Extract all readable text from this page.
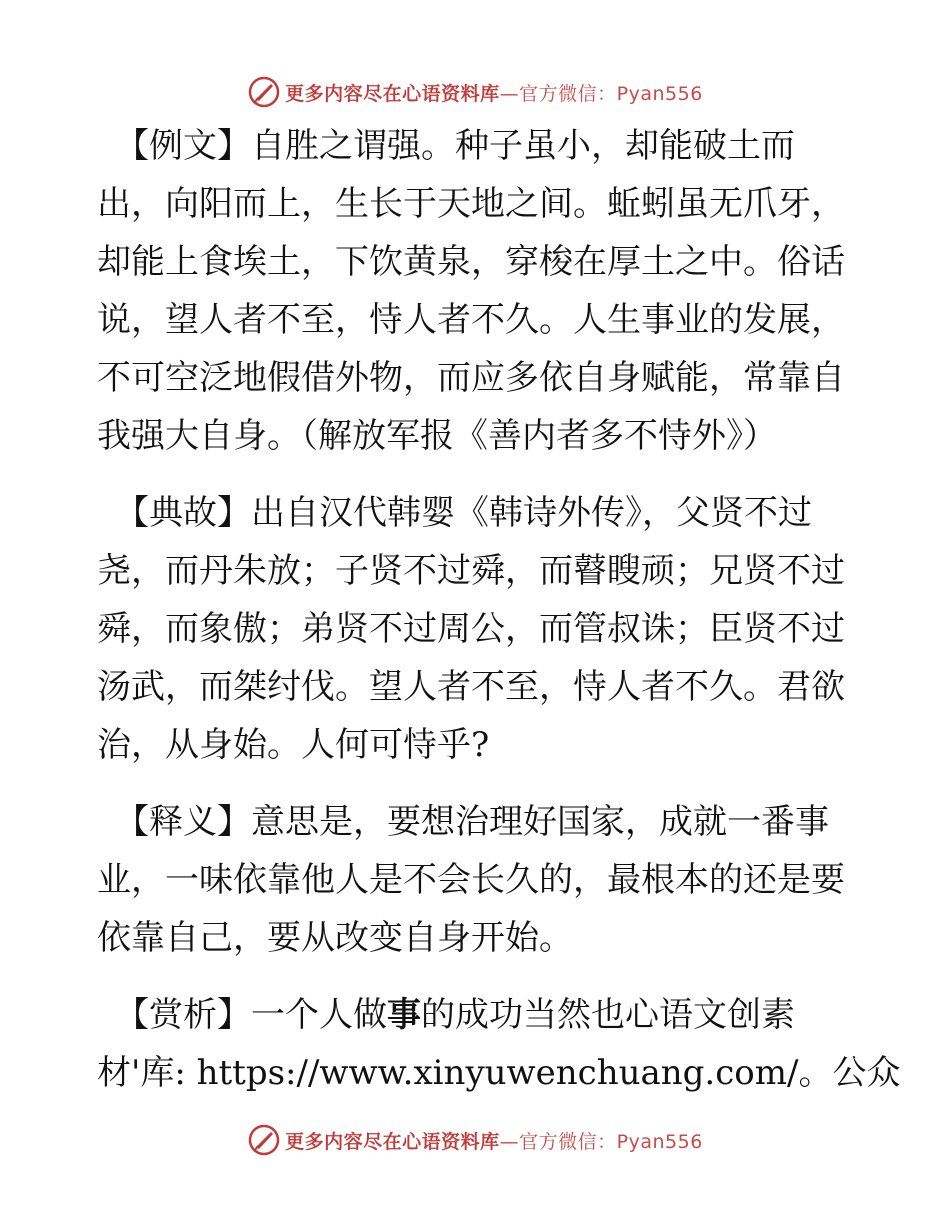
更多内容尽在心语资料库—官方微信：Pyan556
【例文】自胜之谓强。种子虽小，却能破土而
出，向阳而上，生长于天地之间。蚯蚓虽无爪牙，
却能上食埃土，下饮黄泉，穿梭在厚土之中。俗话
说，望人者不至，恃人者不久。人生事业的发展，
不可空泛地假借外物，而应多依自身赋能，常靠自
我强大自身。（解放军报《善内者多不恃外》）
【典故】出自汉代韩婴《韩诗外传》，父贤不过
尧，而丹朱放；子贤不过舜，而瞽瞍顽；兄贤不过
舜，而象傲；弟贤不过周公，而管叔诛；臣贤不过
汤武，而桀纣伐。望人者不至，恃人者不久。君欲
治，从身始。人何可恃乎?
【释义】意思是，要想治理好国家，成就一番事
业，一味依靠他人是不会长久的，最根本的还是要
依靠自己，要从改变自身开始。
【赏析】一个人做事的成功当然也心语文创素
材'库: https://www.xinyuwenchuang.com/。公众
更多内容尽在心语资料库—官方微信：Pyan556
